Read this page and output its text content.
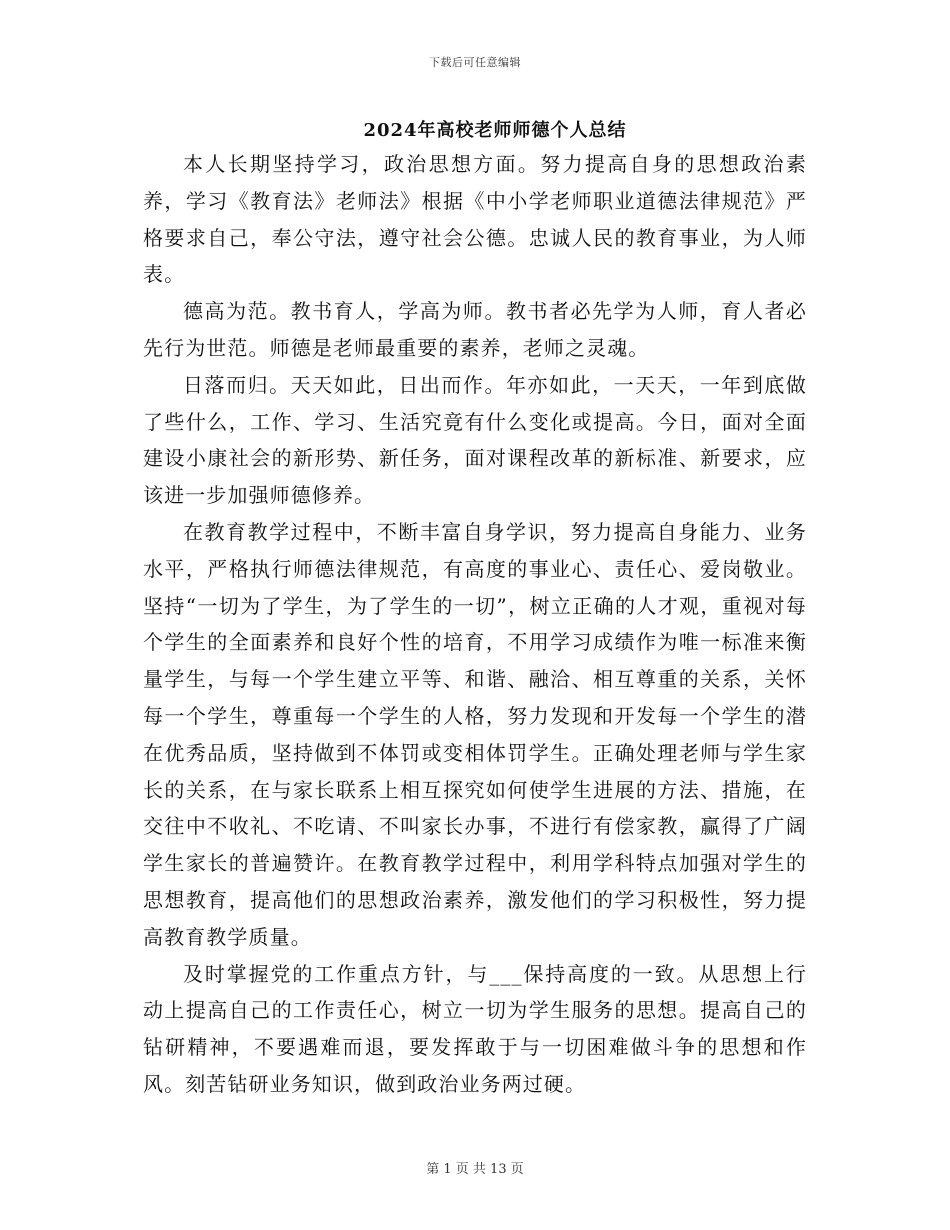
下载后可任意编辑
2024年高校老师师德个人总结

本人长期坚持学习，政治思想方面。努力提高自身的思想政治素养，学习《教育法》老师法》根据《中小学老师职业道德法律规范》严格要求自己，奉公守法，遵守社会公德。忠诚人民的教育事业，为人师表。

德高为范。教书育人，学高为师。教书者必先学为人师，育人者必先行为世范。师德是老师最重要的素养，老师之灵魂。

日落而归。天天如此，日出而作。年亦如此，一天天，一年到底做了些什么，工作、学习、生活究竟有什么变化或提高。今日，面对全面建设小康社会的新形势、新任务，面对课程改革的新标准、新要求，应该进一步加强师德修养。

在教育教学过程中，不断丰富自身学识，努力提高自身能力、业务水平，严格执行师德法律规范，有高度的事业心、责任心、爱岗敬业。坚持“一切为了学生，为了学生的一切”，树立正确的人才观，重视对每个学生的全面素养和良好个性的培育，不用学习成绩作为唯一标准来衡量学生，与每一个学生建立平等、和谐、融洽、相互尊重的关系，关怀每一个学生，尊重每一个学生的人格，努力发现和开发每一个学生的潜在优秀品质，坚持做到不体罚或变相体罚学生。正确处理老师与学生家长的关系，在与家长联系上相互探究如何使学生进展的方法、措施，在交往中不收礼、不吃请、不叫家长办事，不进行有偿家教，赢得了广阔学生家长的普遍赞许。在教育教学过程中，利用学科特点加强对学生的思想教育，提高他们的思想政治素养，激发他们的学习积极性，努力提高教育教学质量。

及时掌握党的工作重点方针，与___保持高度的一致。从思想上行动上提高自己的工作责任心，树立一切为学生服务的思想。提高自己的钻研精神，不要遇难而退，要发挥敢于与一切困难做斗争的思想和作风。刻苦钻研业务知识，做到政治业务两过硬。

第 1 页 共 13 页
